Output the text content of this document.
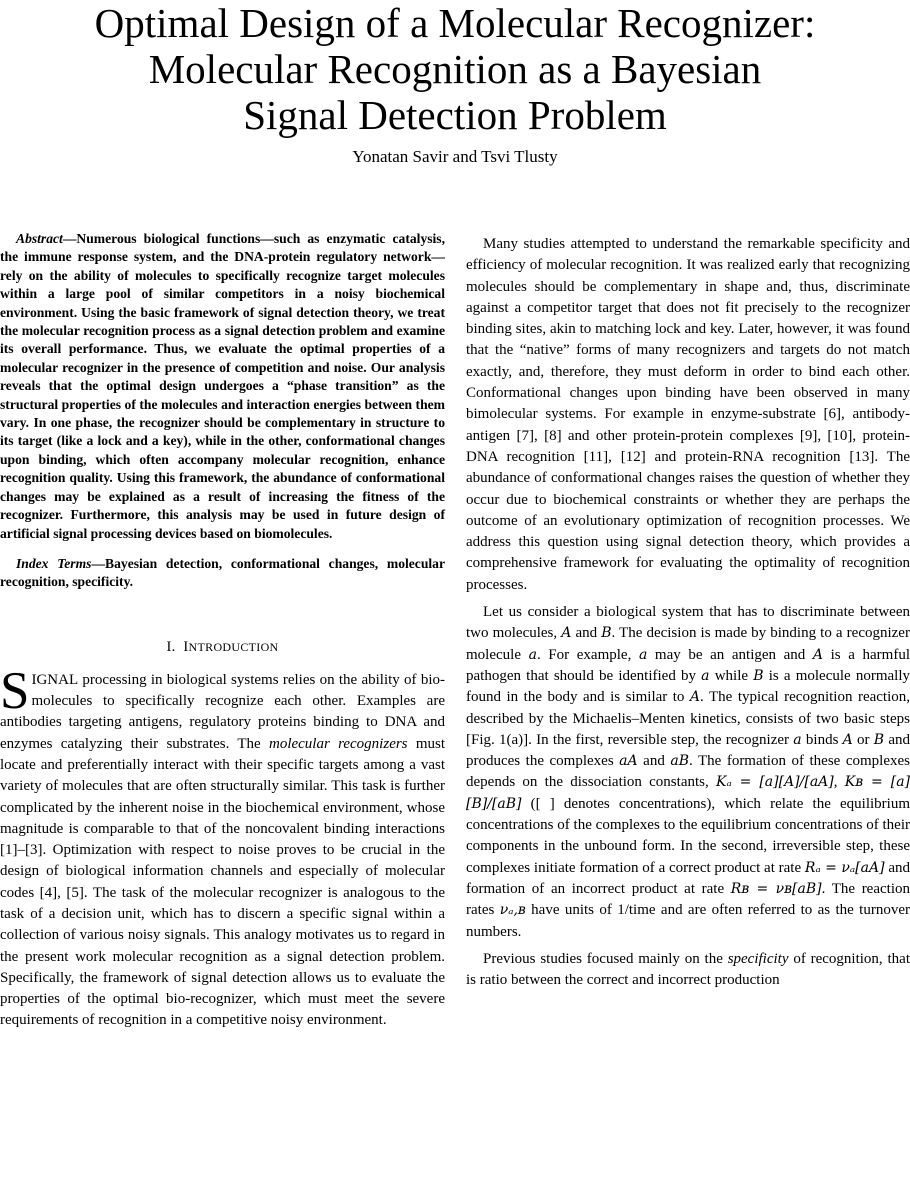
Optimal Design of a Molecular Recognizer:
Molecular Recognition as a Bayesian
Signal Detection Problem
Yonatan Savir and Tsvi Tlusty

Abstract—Numerous biological functions—such as enzymatic catalysis, the immune response system, and the DNA-protein regulatory network—rely on the ability of molecules to specifically recognize target molecules within a large pool of similar competitors in a noisy biochemical environment. Using the basic framework of signal detection theory, we treat the molecular recognition process as a signal detection problem and examine its overall performance. Thus, we evaluate the optimal properties of a molecular recognizer in the presence of competition and noise. Our analysis reveals that the optimal design undergoes a “phase transition” as the structural properties of the molecules and interaction energies between them vary. In one phase, the recognizer should be complementary in structure to its target (like a lock and a key), while in the other, conformational changes upon binding, which often accompany molecular recognition, enhance recognition quality. Using this framework, the abundance of conformational changes may be explained as a result of increasing the fitness of the recognizer. Furthermore, this analysis may be used in future design of artificial signal processing devices based on biomolecules.

Index Terms—Bayesian detection, conformational changes, molecular recognition, specificity.

I. INTRODUCTION

SIGNAL processing in biological systems relies on the ability of bio-molecules to specifically recognize each other. Examples are antibodies targeting antigens, regulatory proteins binding to DNA and enzymes catalyzing their substrates. The molecular recognizers must locate and preferentially interact with their specific targets among a vast variety of molecules that are often structurally similar. This task is further complicated by the inherent noise in the biochemical environment, whose magnitude is comparable to that of the noncovalent binding interactions [1]–[3]. Optimization with respect to noise proves to be crucial in the design of biological information channels and especially of molecular codes [4], [5]. The task of the molecular recognizer is analogous to the task of a decision unit, which has to discern a specific signal within a collection of various noisy signals. This analogy motivates us to regard in the present work molecular recognition as a signal detection problem. Specifically, the framework of signal detection allows us to evaluate the properties of the optimal bio-recognizer, which must meet the severe requirements of recognition in a competitive noisy environment.

Many studies attempted to understand the remarkable specificity and efficiency of molecular recognition. It was realized early that recognizing molecules should be complementary in shape and, thus, discriminate against a competitor target that does not fit precisely to the recognizer binding sites, akin to matching lock and key. Later, however, it was found that the “native” forms of many recognizers and targets do not match exactly, and, therefore, they must deform in order to bind each other. Conformational changes upon binding have been observed in many bimolecular systems. For example in enzyme-substrate [6], antibody-antigen [7], [8] and other protein-protein complexes [9], [10], protein-DNA recognition [11], [12] and protein-RNA recognition [13]. The abundance of conformational changes raises the question of whether they occur due to biochemical constraints or whether they are perhaps the outcome of an evolutionary optimization of recognition processes. We address this question using signal detection theory, which provides a comprehensive framework for evaluating the optimality of recognition processes.

Let us consider a biological system that has to discriminate between two molecules, A and B. The decision is made by binding to a recognizer molecule a. For example, a may be an antigen and A is a harmful pathogen that should be identified by a while B is a molecule normally found in the body and is similar to A. The typical recognition reaction, described by the Michaelis–Menten kinetics, consists of two basic steps [Fig. 1(a)]. In the first, reversible step, the recognizer a binds A or B and produces the complexes aA and aB. The formation of these complexes depends on the dissociation constants, Kₐ = [a][A]/[aA], Kʙ = [a][B]/[aB] ([ ] denotes concentrations), which relate the equilibrium concentrations of the complexes to the equilibrium concentrations of their components in the unbound form. In the second, irreversible step, these complexes initiate formation of a correct product at rate Rₐ = νₐ[aA] and formation of an incorrect product at rate Rʙ = νʙ[aB]. The reaction rates νₐ,ʙ have units of 1/time and are often referred to as the turnover numbers.

Previous studies focused mainly on the specificity of recognition, that is ratio between the correct and incorrect production
